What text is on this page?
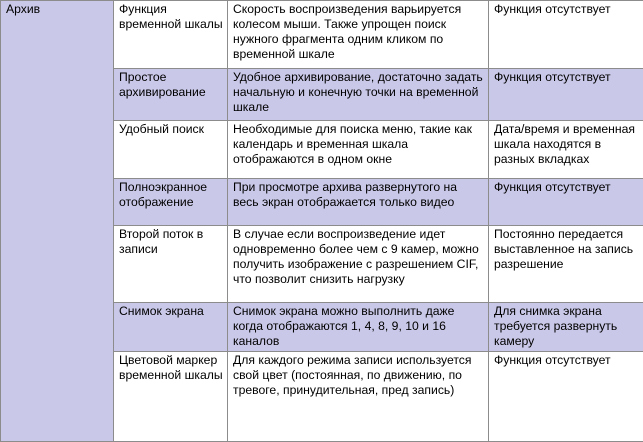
Архив	Функция временной шкалы	Скорость воспроизведения варьируется колесом мыши. Также упрощен поиск нужного фрагмента одним кликом по временной шкале	Функция отсутствует
	Простое архивирование	Удобное архивирование, достаточно задать начальную и конечную точки на временной шкале	Функция отсутствует
	Удобный поиск	Необходимые для поиска меню, такие как календарь и временная шкала отображаются в одном окне	Дата/время и временная шкала находятся в разных вкладках
	Полноэкранное отображение	При просмотре архива развернутого на весь экран отображается только видео	Функция отсутствует
	Второй поток в записи	В случае если воспроизведение идет одновременно более чем с 9 камер, можно получить изображение с разрешением CIF, что позволит снизить нагрузку	Постоянно передается выставленное на запись разрешение
	Снимок экрана	Снимок экрана можно выполнить даже когда отображаются 1, 4, 8, 9, 10 и 16 каналов	Для снимка экрана требуется развернуть камеру
	Цветовой маркер временной шкалы	Для каждого режима записи используется свой цвет (постоянная, по движению, по тревоге, принудительная, пред запись)	Функция отсутствует
